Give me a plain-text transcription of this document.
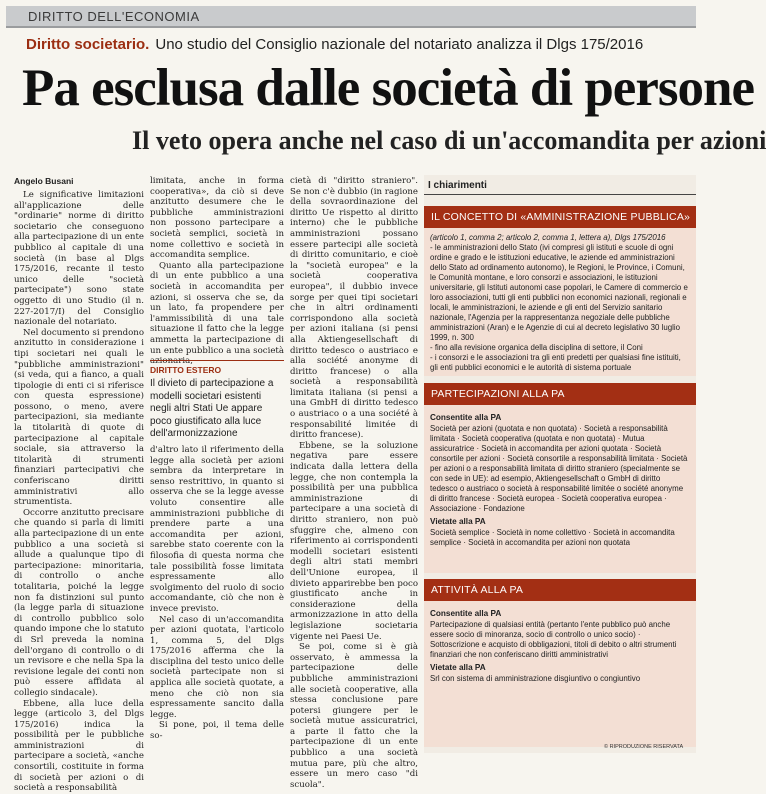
DIRITTO DELL'ECONOMIA
Diritto societario. Uno studio del Consiglio nazionale del notariato analizza il Dlgs 175/2016
Pa esclusa dalle società di persone
Il veto opera anche nel caso di un'accomandita per azioni
Angelo Busani

Le significative limitazioni all'applicazione delle "ordinarie" norme di diritto societario che conseguono alla partecipazione di un ente pubblico al capitale di una società (in base al Dlgs 175/2016, recante il testo unico delle "società partecipate") sono state oggetto di uno Studio (il n. 227-2017/I) del Consiglio nazionale del notariato.

Nel documento si prendono anzitutto in considerazione i tipi societari nei quali le "pubbliche amministrazioni" (si veda, qui a fianco, a quali tipologie di enti ci si riferisce con questa espressione) possono, o meno, avere partecipazioni, sia mediante la titolarità di quote di partecipazione al capitale sociale, sia attraverso la titolarità di strumenti finanziari partecipativi che conferiscano diritti amministrativi allo strumentista.

Occorre anzitutto precisare che quando si parla di limiti alla partecipazione di un ente pubblico a una società si allude a qualunque tipo di partecipazione: minoritaria, di controllo o anche totalitaria, poiché la legge non fa distinzioni sul punto (la legge parla di situazione di controllo pubblico solo quando impone che lo statuto di Srl preveda la nomina dell'organo di controllo o di un revisore e che nella Spa la revisione legale dei conti non può essere affidata al collegio sindacale).

Ebbene, alla luce della legge (articolo 3, del Dlgs 175/2016) indica la possibilità per le pubbliche amministrazioni di partecipare a società, «anche consortili, costituite in forma di società per azioni o di società a responsabilità

limitata, anche in forma cooperativa», da ciò si deve anzitutto desumere che le pubbliche amministrazioni non possono partecipare a società semplici, società in nome collettivo e società in accomandita semplice.

Quanto alla partecipazione di un ente pubblico a una società in accomandita per azioni, si osserva che se, da un lato, fa propendere per l'ammissibilità di una tale situazione il fatto che la legge ammetta la partecipazione di un ente pubblico a una società azionaria,

DIRITTO ESTERO
Il divieto di partecipazione a modelli societari esistenti negli altri Stati Ue appare poco giustificato alla luce dell'armonizzazione

d'altro lato il riferimento della legge alla società per azioni sembra da interpretare in senso restrittivo, in quanto si osserva che se la legge avesse voluto consentire alle amministrazioni pubbliche di prendere parte a una accomandita per azioni, sarebbe stato coerente con la filosofia di questa norma che tale possibilità fosse limitata espressamente allo svolgimento del ruolo di socio accomandante, ciò che non è invece previsto.

Nel caso di un'accomandita per azioni quotata, l'articolo 1, comma 5, del Dlgs 175/2016 afferma che la disciplina del testo unico delle società partecipate non si applica alle società quotate, a meno che ciò non sia espressamente sancito dalla legge.

Si pone, poi, il tema delle so-

cietà di "diritto straniero". Se non c'è dubbio (in ragione della sovraordinazione del diritto Ue rispetto al diritto interno) che le pubbliche amministrazioni possano essere partecipi alle società di diritto comunitario, e cioè la "società europea" e la società cooperativa europea", il dubbio invece sorge per quei tipi societari che in altri ordinamenti corrispondono alla società per azioni italiana (si pensi alla Aktiengesellschaft di diritto tedesco o austriaco e alla société anonyme di diritto francese) o alla società a responsabilità limitata italiana (si pensi a una GmbH di diritto tedesco o austriaco o a una société à responsabilité limitée di diritto francese).

Ebbene, se la soluzione negativa pare essere indicata dalla lettera della legge, che non contempla la possibilità per una pubblica amministrazione di partecipare a una società di diritto straniero, non può sfuggire che, almeno con riferimento ai corrispondenti modelli societari esistenti degli altri stati membri dell'Unione europea, il divieto apparirebbe ben poco giustificato anche in considerazione della armonizzazione in atto della legislazione societaria vigente nei Paesi Ue.

Se poi, come si è già osservato, è ammessa la partecipazione delle pubbliche amministrazioni alle società cooperative, alla stessa conclusione pare potersi giungere per le società mutue assicuratrici, a parte il fatto che la partecipazione di un ente pubblico a una società mutua pare, più che altro, essere un mero caso "di scuola".

I chiarimenti
IL CONCETTO DI «AMMINISTRAZIONE PUBBLICA»

(articolo 1, comma 2; articolo 2, comma 1, lettera a), Dlgs 175/2016

- le amministrazioni dello Stato (ivi compresi gli istituti e scuole di ogni ordine e grado e le istituzioni educative, le aziende ed amministrazioni dello Stato ad ordinamento autonomo), le Regioni, le Province, i Comuni, le Comunità montane, e loro consorzi e associazioni, le istituzioni universitarie, gli Istituti autonomi case popolari, le Camere di commercio e loro associazioni, tutti gli enti pubblici non economici nazionali, regionali e locali, le amministrazioni, le aziende e gli enti del Servizio sanitario nazionale, l'Agenzia per la rappresentanza negoziale delle pubbliche amministrazioni (Aran) e le Agenzie di cui al decreto legislativo 30 luglio 1999, n. 300

- fino alla revisione organica della disciplina di settore, il Coni

- i consorzi e le associazioni tra gli enti predetti per qualsiasi fine istituiti, gli enti pubblici economici e le autorità di sistema portuale

PARTECIPAZIONI ALLA PA

Consentite alla PA

Società per azioni (quotata e non quotata) · Società a responsabilità limitata · Società cooperativa (quotata e non quotata) · Mutua assicuratrice · Società in accomandita per azioni quotata · Società consortile per azioni · Società consortile a responsabilità limitata · Società per azioni o a responsabilità limitata di diritto straniero (specialmente se con sede in UE): ad esempio, Aktiengesellschaft o GmbH di diritto tedesco o austriaco o società à responsabilité limitée o société anonyme di diritto francese · Società europea · Società cooperativa europea · Associazione · Fondazione

Vietate alla PA

Società semplice · Società in nome collettivo · Società in accomandita semplice · Società in accomandita per azioni non quotata

ATTIVITÀ ALLA PA

Consentite alla PA

Partecipazione di qualsiasi entità (pertanto l'ente pubblico può anche essere socio di minoranza, socio di controllo o unico socio) · Sottoscrizione e acquisto di obbligazioni, titoli di debito o altri strumenti finanziari che non conferiscano diritti amministrativi

Vietate alla PA

Srl con sistema di amministrazione disgiuntivo o congiuntivo

© RIPRODUZIONE RISERVATA
